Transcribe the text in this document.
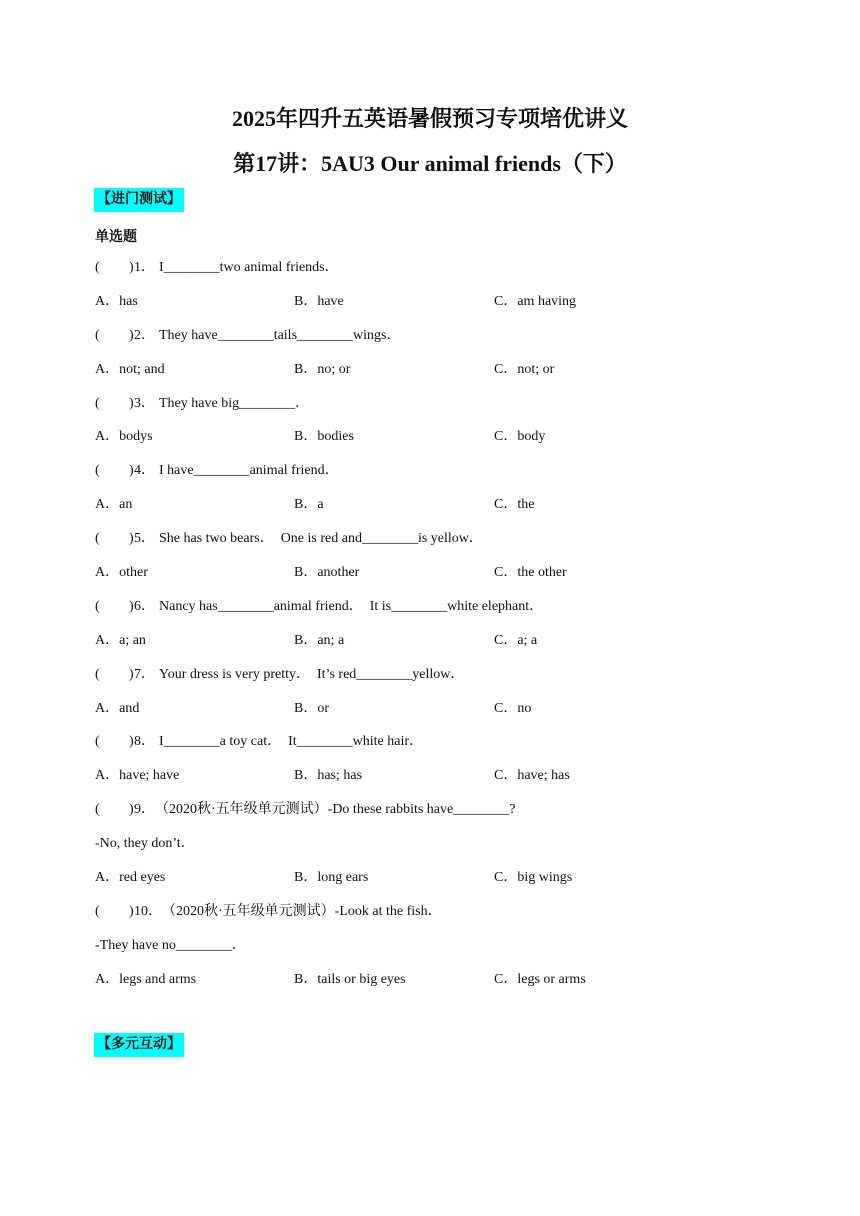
2025年四升五英语暑假预习专项培优讲义
第17讲：5AU3 Our animal friends（下）
【进门测试】
单选题
( ) 1． I________two animal friends．
A．has	B．have	C．am having
( ) 2． They have________tails________wings．
A．not; and	B．no; or	C．not; or
( ) 3． They have big________．
A．bodys	B．bodies	C．body
( ) 4． I have________animal friend．
A．an	B．a	C．the
( ) 5． She has two bears．　One is red and________is yellow．
A．other	B．another	C．the other
( ) 6． Nancy has________animal friend．　It is________white elephant．
A．a; an	B．an; a	C．a; a
( ) 7． Your dress is very pretty．　It’s red________yellow．
A．and	B．or	C．no
( ) 8． I________a toy cat．　It________white hair．
A．have; have	B．has; has	C．have; has
( ) 9．（2020秋·五年级单元测试）-Do these rabbits have________?
-No, they don’t．
A．red eyes	B．long ears	C．big wings
( ) 10．（2020秋·五年级单元测试）-Look at the fish．
-They have no________．
A．legs and arms	B．tails or big eyes	C．legs or arms
【多元互动】
